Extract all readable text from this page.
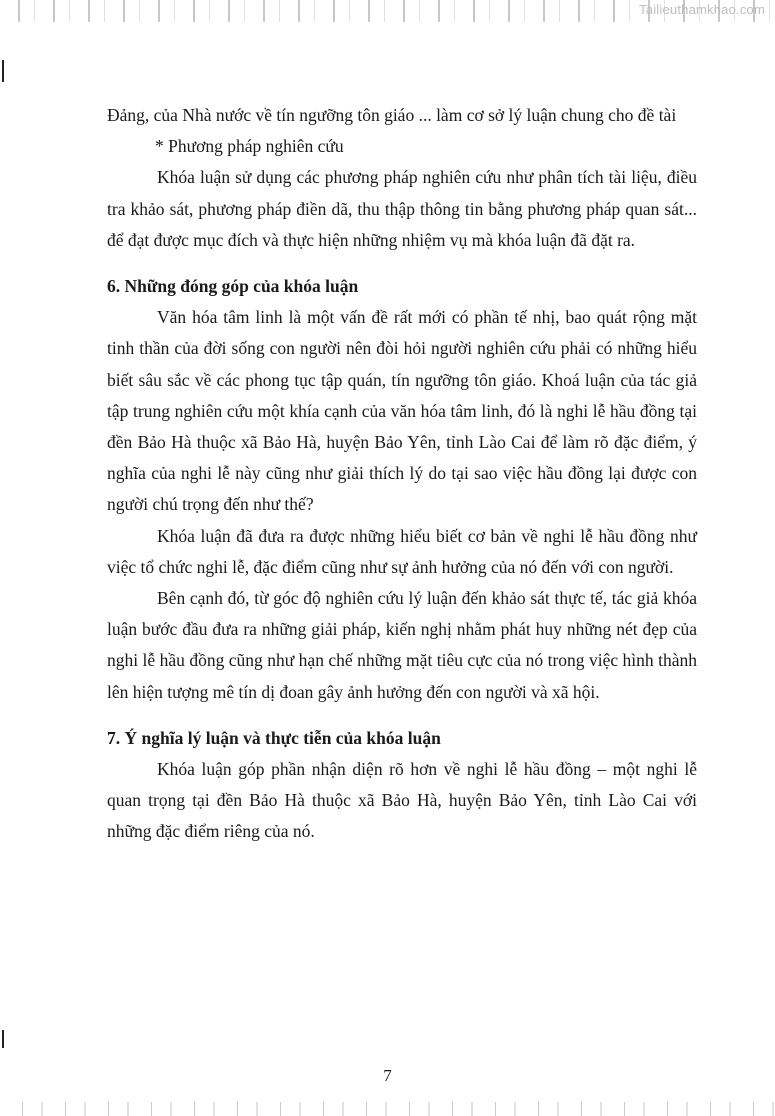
Tailieuthamkhao.com

Đảng, của Nhà nước về tín ngưỡng tôn giáo ... làm cơ sở lý luận chung cho đề tài

* Phương pháp nghiên cứu

Khóa luận sử dụng các phương pháp nghiên cứu như phân tích tài liệu, điều tra khảo sát, phương pháp điền dã, thu thập thông tin bằng phương pháp quan sát... để đạt được mục đích và thực hiện những nhiệm vụ mà khóa luận đã đặt ra.

6. Những đóng góp của khóa luận

Văn hóa tâm linh là một vấn đề rất mới có phần tế nhị, bao quát rộng mặt tinh thần của đời sống con người nên đòi hỏi người nghiên cứu phải có những hiểu biết sâu sắc về các phong tục tập quán, tín ngưỡng tôn giáo. Khoá luận của tác giả tập trung nghiên cứu một khía cạnh của văn hóa tâm linh, đó là nghi lễ hầu đồng tại đền Bảo Hà thuộc xã Bảo Hà, huyện Bảo Yên, tỉnh Lào Cai để làm rõ đặc điểm, ý nghĩa của nghi lễ này cũng như giải thích lý do tại sao việc hầu đồng lại được con người chú trọng đến như thế?

Khóa luận đã đưa ra được những hiểu biết cơ bản về nghi lễ hầu đồng như việc tổ chức nghi lễ, đặc điểm cũng như sự ảnh hưởng của nó đến với con người.

Bên cạnh đó, từ góc độ nghiên cứu lý luận đến khảo sát thực tế, tác giả khóa luận bước đầu đưa ra những giải pháp, kiến nghị nhằm phát huy những nét đẹp của nghi lễ hầu đồng cũng như hạn chế những mặt tiêu cực của nó trong việc hình thành lên hiện tượng mê tín dị đoan gây ảnh hưởng đến con người và xã hội.

7. Ý nghĩa lý luận và thực tiễn của khóa luận

Khóa luận góp phần nhận diện rõ hơn về nghi lễ hầu đồng – một nghi lễ quan trọng tại đền Bảo Hà thuộc xã Bảo Hà, huyện Bảo Yên, tỉnh Lào Cai với những đặc điểm riêng của nó.

7
